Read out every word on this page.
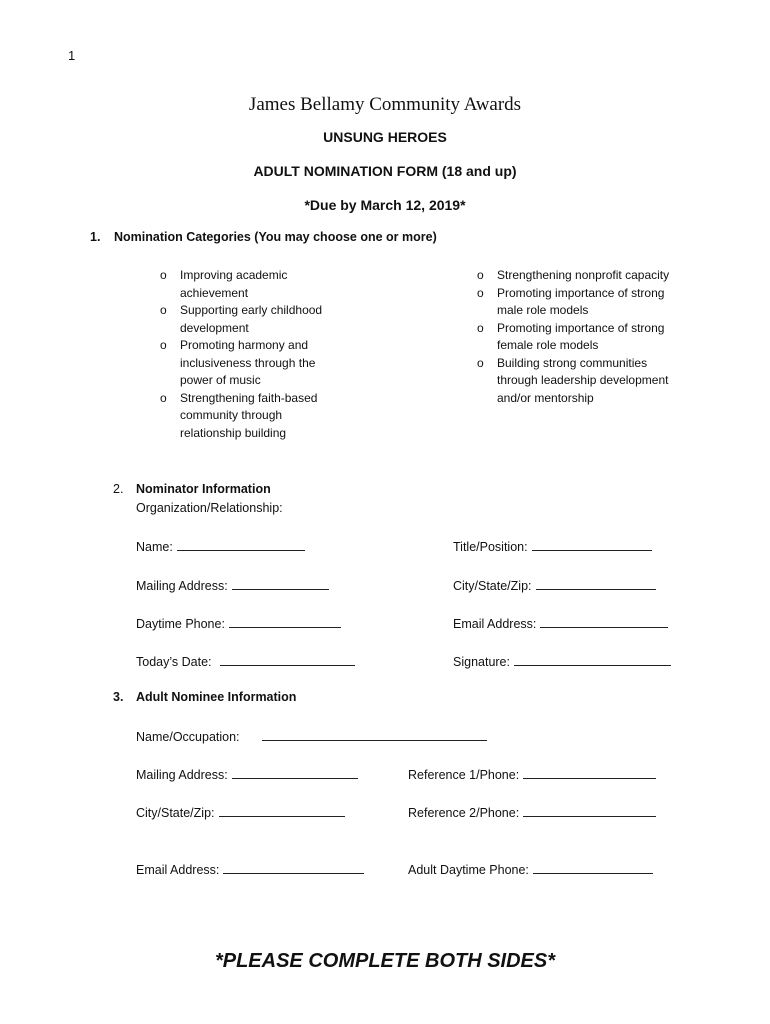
1
James Bellamy Community Awards
UNSUNG HEROES
ADULT NOMINATION FORM (18 and up)
*Due by March 12, 2019*
1. Nomination Categories (You may choose one or more)
o Improving academic achievement
o Supporting early childhood development
o Promoting harmony and inclusiveness through the power of music
o Strengthening faith-based community through relationship building
o Strengthening nonprofit capacity
o Promoting importance of strong male role models
o Promoting importance of strong female role models
o Building strong communities through leadership development and/or mentorship
2. Nominator Information
Organization/Relationship:
Name:	Title/Position:
Mailing Address:	City/State/Zip:
Daytime Phone:	Email Address:
Today’s Date:	Signature:
3. Adult Nominee Information
Name/Occupation:
Mailing Address:	Reference 1/Phone:
City/State/Zip:	Reference 2/Phone:
Email Address:	Adult Daytime Phone:
*PLEASE COMPLETE BOTH SIDES*
